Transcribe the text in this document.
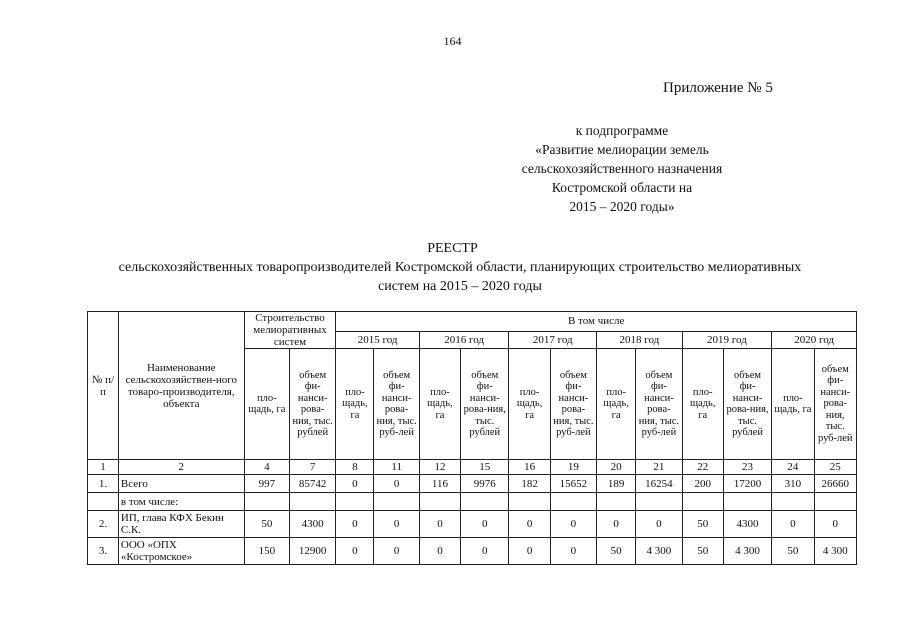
164
Приложение № 5
к подпрограмме
«Развитие мелиорации земель
сельскохозяйственного назначения
Костромской области на
2015 – 2020 годы»
РЕЕСТР
сельскохозяйственных товаропроизводителей Костромской области, планирующих строительство мелиоративных
систем на 2015 – 2020 годы
№ п/п	Наименование сельскохозяйствен-ного товаро-производителя, объекта	Строительство мелиоративных систем		В том числе											
				2015 год		2016 год		2017 год		2018 год		2019 год		2020 год	
		пло-щадь, га	объем фи-нанси-рова-ния, тыс. рублей	пло-щадь, га	объем фи-нанси-рова-ния, тыс. руб-лей	пло-щадь, га	объем фи-нанси-рова-ния, тыс. рублей	пло-щадь, га	объем фи-нанси-рова-ния, тыс. руб-лей	пло-щадь, га	объем фи-нанси-рова-ния, тыс. руб-лей	пло-щадь, га	объем фи-нанси-рова-ния, тыс. рублей	пло-щадь, га	объем фи-нанси-рова-ния, тыс. руб-лей
1	2	4	7	8	11	12	15	16	19	20	21	22	23	24	25
1.	Всего	997	85742	0	0	116	9976	182	15652	189	16254	200	17200	310	26660
	в том числе:														
2.	ИП, глава КФХ Бекин С.К.	50	4300	0	0	0	0	0	0	0	0	50	4300	0	0
3.	ООО «ОПХ «Костромское»	150	12900	0	0	0	0	0	0	50	4 300	50	4 300	50	4 300
